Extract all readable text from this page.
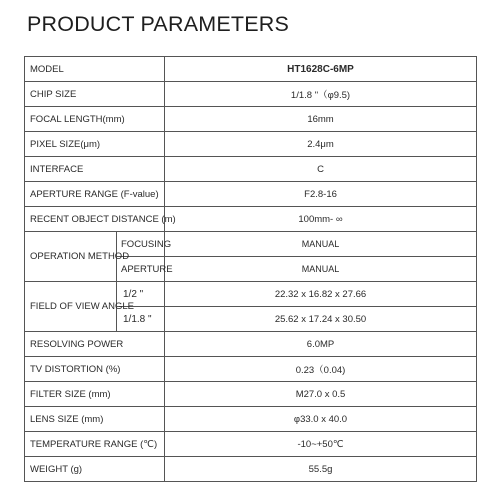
PRODUCT PARAMETERS
MODEL		HT1628C-6MP
CHIP SIZE		1/1.8 "（φ9.5)
FOCAL LENGTH(mm)		16mm
PIXEL SIZE(μm)		2.4μm
INTERFACE		C
APERTURE RANGE (F-value)		F2.8-16
RECENT OBJECT DISTANCE (m)		100mm- ∞
OPERATION METHOD	FOCUSING	MANUAL
	APERTURE	MANUAL
FIELD OF VIEW ANGLE	1/2 "	22.32 x 16.82 x 27.66
	1/1.8 "	25.62 x 17.24 x 30.50
RESOLVING POWER		6.0MP
TV DISTORTION (%)		0.23（0.04)
FILTER SIZE (mm)		M27.0 x 0.5
LENS SIZE (mm)		φ33.0 x 40.0
TEMPERATURE RANGE (℃)		-10~+50℃
WEIGHT (g)		55.5g
